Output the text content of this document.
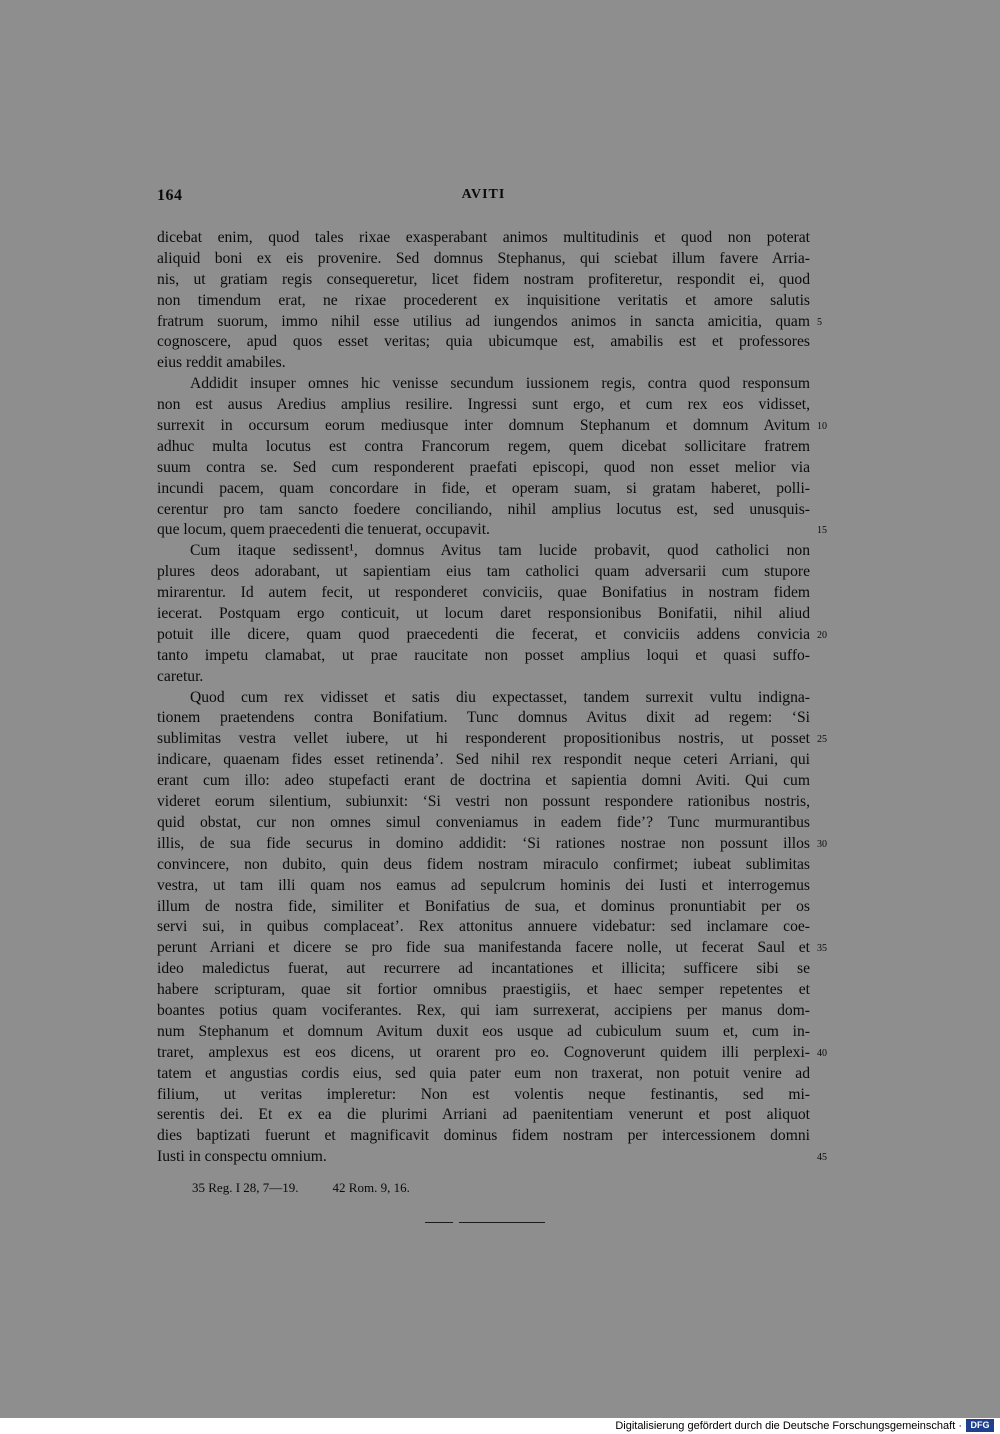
164	AVITI
dicebat enim, quod tales rixae exasperabant animos multitudinis et quod non poterat
aliquid boni ex eis provenire. Sed domnus Stephanus, qui sciebat illum favere Arria-
nis, ut gratiam regis consequeretur, licet fidem nostram profiteretur, respondit ei, quod
non timendum erat, ne rixae procederent ex inquisitione veritatis et amore salutis
fratrum suorum, immo nihil esse utilius ad iungendos animos in sancta amicitia, quam 5
cognoscere, apud quos esset veritas; quia ubicumque est, amabilis est et professores
eius reddit amabiles.
Addidit insuper omnes hic venisse secundum iussionem regis, contra quod responsum
non est ausus Aredius amplius resilire. Ingressi sunt ergo, et cum rex eos vidisset,
surrexit in occursum eorum mediusque inter domnum Stephanum et domnum Avitum 10
adhuc multa locutus est contra Francorum regem, quem dicebat sollicitare fratrem
suum contra se. Sed cum responderent praefati episcopi, quod non esset melior via
incundi pacem, quam concordare in fide, et operam suam, si gratam haberet, polli-
cerentur pro tam sancto foedere conciliando, nihil amplius locutus est, sed unusquis-
que locum, quem praecedenti die tenuerat, occupavit.	15
Cum itaque sedissent¹, domnus Avitus tam lucide probavit, quod catholici non
plures deos adorabant, ut sapientiam eius tam catholici quam adversarii cum stupore
mirarentur. Id autem fecit, ut responderet conviciis, quae Bonifatius in nostram fidem
iecerat. Postquam ergo conticuit, ut locum daret responsionibus Bonifatii, nihil aliud
potuit ille dicere, quam quod praecedenti die fecerat, et conviciis addens convicia 20
tanto impetu clamabat, ut prae raucitate non posset amplius loqui et quasi suffo-
caretur.
Quod cum rex vidisset et satis diu expectasset, tandem surrexit vultu indigna-
tionem praetendens contra Bonifatium. Tunc domnus Avitus dixit ad regem: ‘Si
sublimitas vestra vellet iubere, ut hi responderent propositionibus nostris, ut posset 25
indicare, quaenam fides esset retinenda’. Sed nihil rex respondit neque ceteri Arriani, qui
erant cum illo: adeo stupefacti erant de doctrina et sapientia domni Aviti. Qui cum
videret eorum silentium, subiunxit: ‘Si vestri non possunt respondere rationibus nostris,
quid obstat, cur non omnes simul conveniamus in eadem fide’? Tunc murmurantibus
illis, de sua fide securus in domino addidit: ‘Si rationes nostrae non possunt illos 30
convincere, non dubito, quin deus fidem nostram miraculo confirmet; iubeat sublimitas
vestra, ut tam illi quam nos eamus ad sepulcrum hominis dei Iusti et interrogemus
illum de nostra fide, similiter et Bonifatius de sua, et dominus pronuntiabit per os
servi sui, in quibus complaceat’. Rex attonitus annuere videbatur: sed inclamare coe-
perunt Arriani et dicere se pro fide sua manifestanda facere nolle, ut fecerat Saul et 35
ideo maledictus fuerat, aut recurrere ad incantationes et illicita; sufficere sibi se
habere scripturam, quae sit fortior omnibus praestigiis, et haec semper repetentes et
boantes potius quam vociferantes. Rex, qui iam surrexerat, accipiens per manus dom-
num Stephanum et domnum Avitum duxit eos usque ad cubiculum suum et, cum in-
traret, amplexus est eos dicens, ut orarent pro eo. Cognoverunt quidem illi perplexi- 40
tatem et angustias cordis eius, sed quia pater eum non traxerat, non potuit venire ad
filium, ut veritas impleretur: Non est volentis neque festinantis, sed mi-
serentis dei. Et ex ea die plurimi Arriani ad paenitentiam venerunt et post aliquot
dies baptizati fuerunt et magnificavit dominus fidem nostram per intercessionem domni
Iusti in conspectu omnium.	45
35 Reg. I 28, 7—19.	42 Rom. 9, 16.
Digitalisierung gefördert durch die Deutsche Forschungsgemeinschaft · DFG
